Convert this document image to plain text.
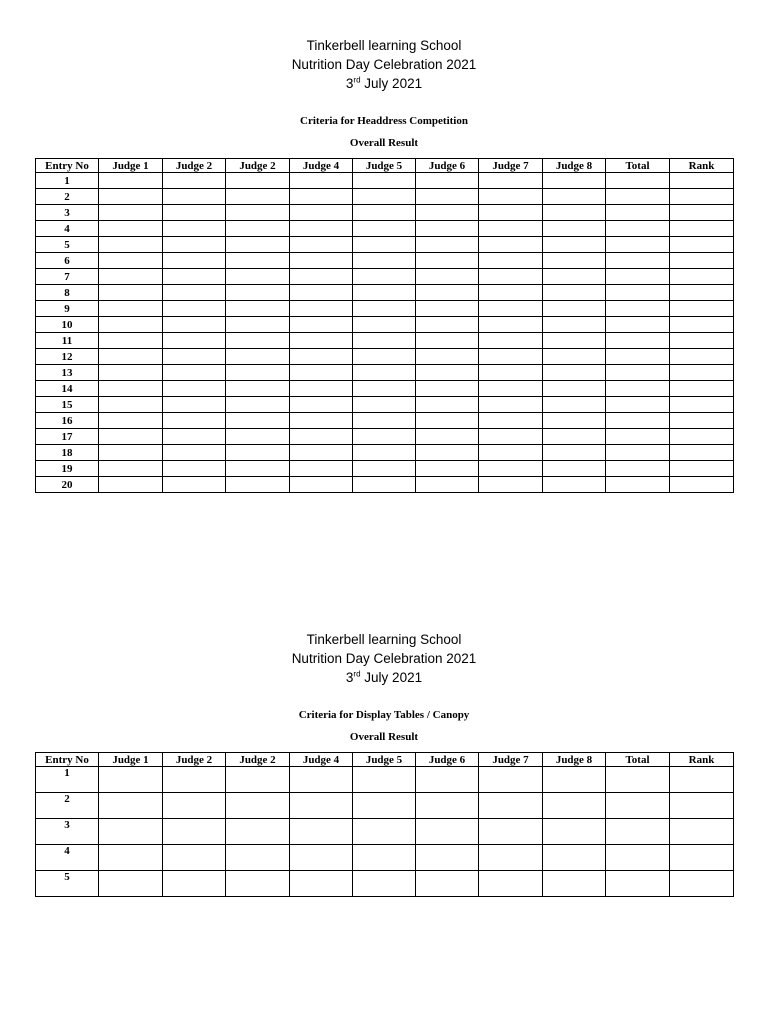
Tinkerbell learning School
Nutrition Day Celebration 2021
3rd July 2021
Criteria for Headdress Competition
Overall Result
Entry No	Judge 1	Judge 2	Judge 2	Judge 4	Judge 5	Judge 6	Judge 7	Judge 8	Total	Rank
1										
2										
3										
4										
5										
6										
7										
8										
9										
10										
11										
12										
13										
14										
15										
16										
17										
18										
19										
20										
Tinkerbell learning School
Nutrition Day Celebration 2021
3rd July 2021
Criteria for Display Tables / Canopy
Overall Result
Entry No	Judge 1	Judge 2	Judge 2	Judge 4	Judge 5	Judge 6	Judge 7	Judge 8	Total	Rank
1										
2										
3										
4										
5										
